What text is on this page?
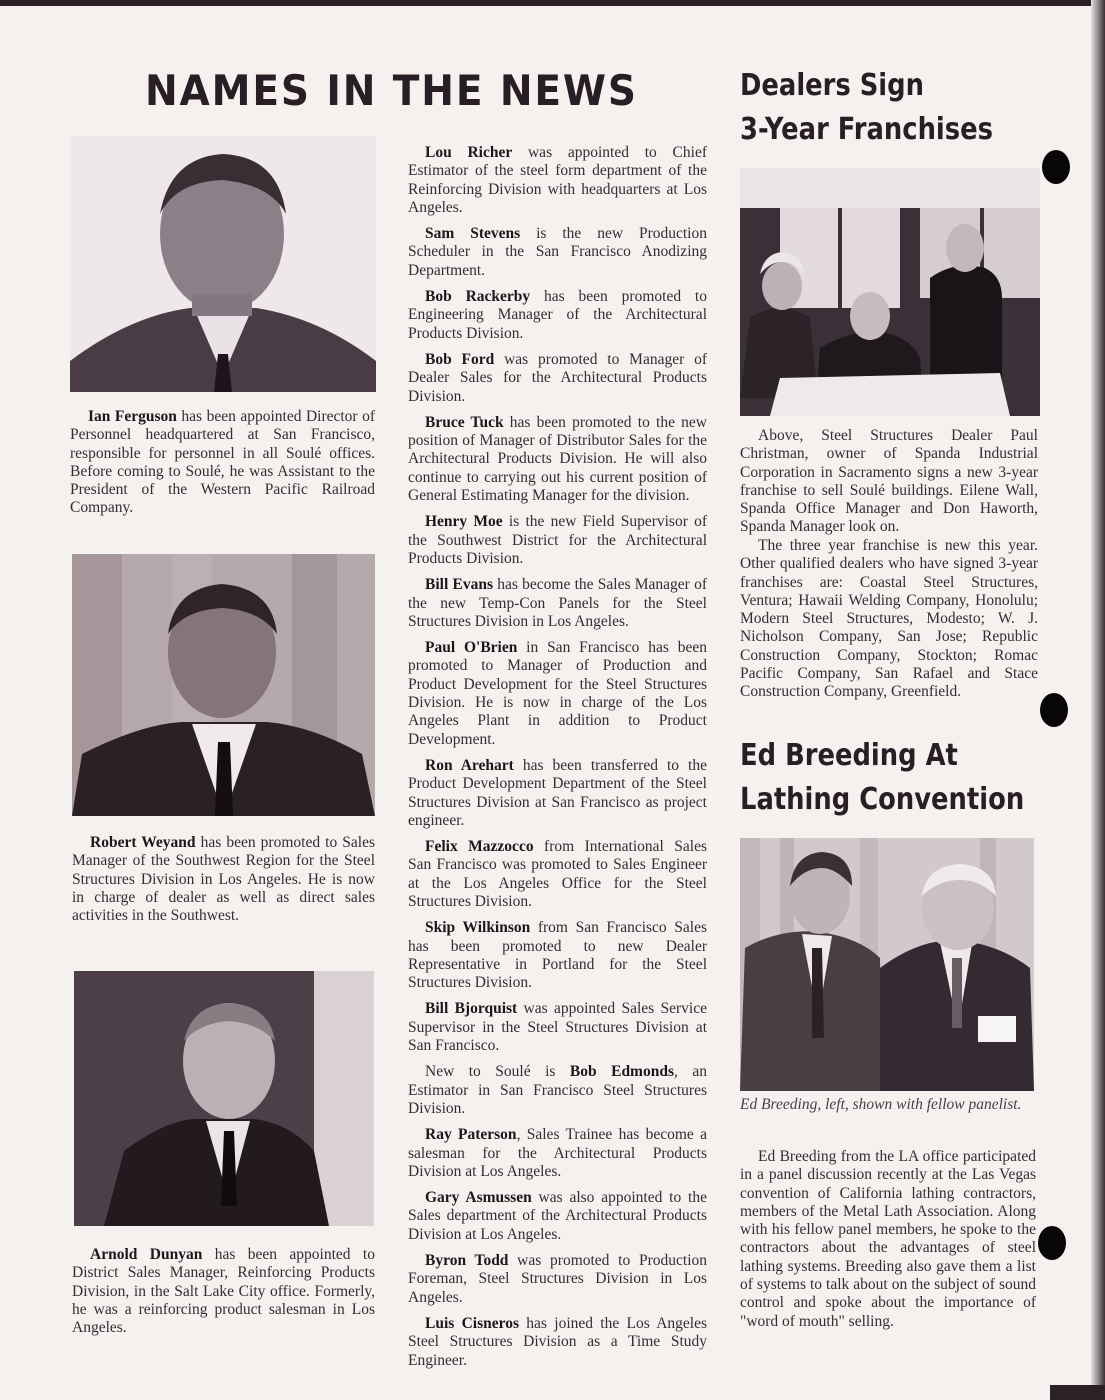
NAMES IN THE NEWS
Ian Ferguson has been appointed Director of Personnel headquartered at San Francisco, responsible for personnel in all Soulé offices. Before coming to Soulé, he was Assistant to the President of the Western Pacific Railroad Company.
Robert Weyand has been promoted to Sales Manager of the Southwest Region for the Steel Structures Division in Los Angeles. He is now in charge of dealer as well as direct sales activities in the Southwest.
Arnold Dunyan has been appointed to District Sales Manager, Reinforcing Products Division, in the Salt Lake City office. Formerly, he was a reinforcing product salesman in Los Angeles.

Lou Richer was appointed to Chief Estimator of the steel form department of the Reinforcing Division with headquarters at Los Angeles.

Sam Stevens is the new Production Scheduler in the San Francisco Anodizing Department.

Bob Rackerby has been promoted to Engineering Manager of the Architectural Products Division.

Bob Ford was promoted to Manager of Dealer Sales for the Architectural Products Division.

Bruce Tuck has been promoted to the new position of Manager of Distributor Sales for the Architectural Products Division. He will also continue to carrying out his current position of General Estimating Manager for the division.

Henry Moe is the new Field Supervisor of the Southwest District for the Architectural Products Division.

Bill Evans has become the Sales Manager of the new Temp-Con Panels for the Steel Structures Division in Los Angeles.

Paul O'Brien in San Francisco has been promoted to Manager of Production and Product Development for the Steel Structures Division. He is now in charge of the Los Angeles Plant in addition to Product Development.

Ron Arehart has been transferred to the Product Development Department of the Steel Structures Division at San Francisco as project engineer.

Felix Mazzocco from International Sales San Francisco was promoted to Sales Engineer at the Los Angeles Office for the Steel Structures Division.

Skip Wilkinson from San Francisco Sales has been promoted to new Dealer Representative in Portland for the Steel Structures Division.

Bill Bjorquist was appointed Sales Service Supervisor in the Steel Structures Division at San Francisco.

New to Soulé is Bob Edmonds, an Estimator in San Francisco Steel Structures Division.

Ray Paterson, Sales Trainee has become a salesman for the Architectural Products Division at Los Angeles.

Gary Asmussen was also appointed to the Sales department of the Architectural Products Division at Los Angeles.

Byron Todd was promoted to Production Foreman, Steel Structures Division in Los Angeles.

Luis Cisneros has joined the Los Angeles Steel Structures Division as a Time Study Engineer.

Dealers Sign
3-Year Franchises
Above, Steel Structures Dealer Paul Christman, owner of Spanda Industrial Corporation in Sacramento signs a new 3-year franchise to sell Soulé buildings. Eilene Wall, Spanda Office Manager and Don Haworth, Spanda Manager look on.
The three year franchise is new this year. Other qualified dealers who have signed 3-year franchises are: Coastal Steel Structures, Ventura; Hawaii Welding Company, Honolulu; Modern Steel Structures, Modesto; W. J. Nicholson Company, San Jose; Republic Construction Company, Stockton; Romac Pacific Company, San Rafael and Stace Construction Company, Greenfield.
Ed Breeding At
Lathing Convention
Ed Breeding, left, shown with fellow panelist.
Ed Breeding from the LA office participated in a panel discussion recently at the Las Vegas convention of California lathing contractors, members of the Metal Lath Association. Along with his fellow panel members, he spoke to the contractors about the advantages of steel lathing systems. Breeding also gave them a list of systems to talk about on the subject of sound control and spoke about the importance of "word of mouth" selling.
